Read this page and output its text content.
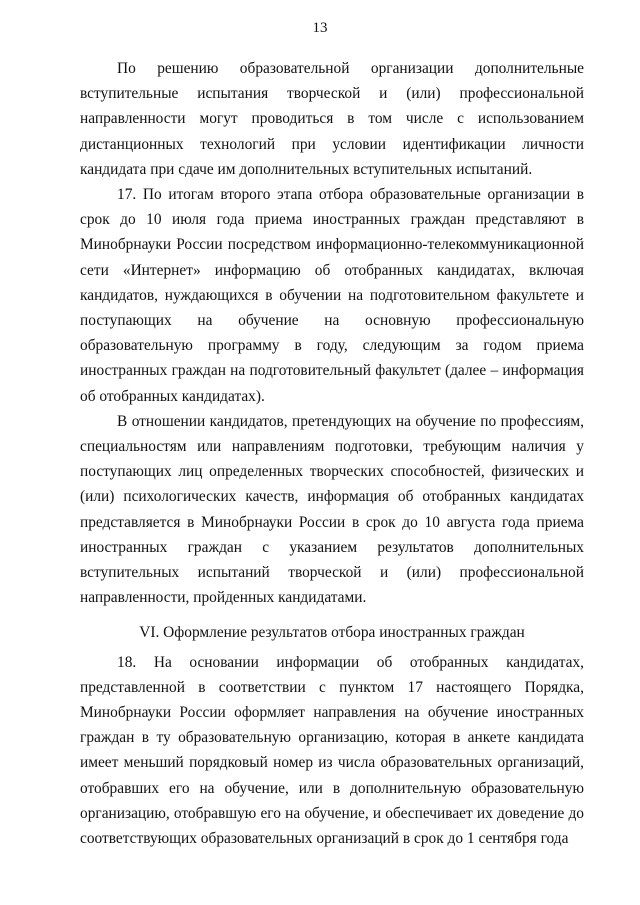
13

По решению образовательной организации дополнительные вступительные испытания творческой и (или) профессиональной направленности могут проводиться в том числе с использованием дистанционных технологий при условии идентификации личности кандидата при сдаче им дополнительных вступительных испытаний.

17. По итогам второго этапа отбора образовательные организации в срок до 10 июля года приема иностранных граждан представляют в Минобрнауки России посредством информационно-телекоммуникационной сети «Интернет» информацию об отобранных кандидатах, включая кандидатов, нуждающихся в обучении на подготовительном факультете и поступающих на обучение на основную профессиональную образовательную программу в году, следующим за годом приема иностранных граждан на подготовительный факультет (далее – информация об отобранных кандидатах).

В отношении кандидатов, претендующих на обучение по профессиям, специальностям или направлениям подготовки, требующим наличия у поступающих лиц определенных творческих способностей, физических и (или) психологических качеств, информация об отобранных кандидатах представляется в Минобрнауки России в срок до 10 августа года приема иностранных граждан с указанием результатов дополнительных вступительных испытаний творческой и (или) профессиональной направленности, пройденных кандидатами.

VI. Оформление результатов отбора иностранных граждан

18. На основании информации об отобранных кандидатах, представленной в соответствии с пунктом 17 настоящего Порядка, Минобрнауки России оформляет направления на обучение иностранных граждан в ту образовательную организацию, которая в анкете кандидата имеет меньший порядковый номер из числа образовательных организаций, отобравших его на обучение, или в дополнительную образовательную организацию, отобравшую его на обучение, и обеспечивает их доведение до соответствующих образовательных организаций в срок до 1 сентября года
